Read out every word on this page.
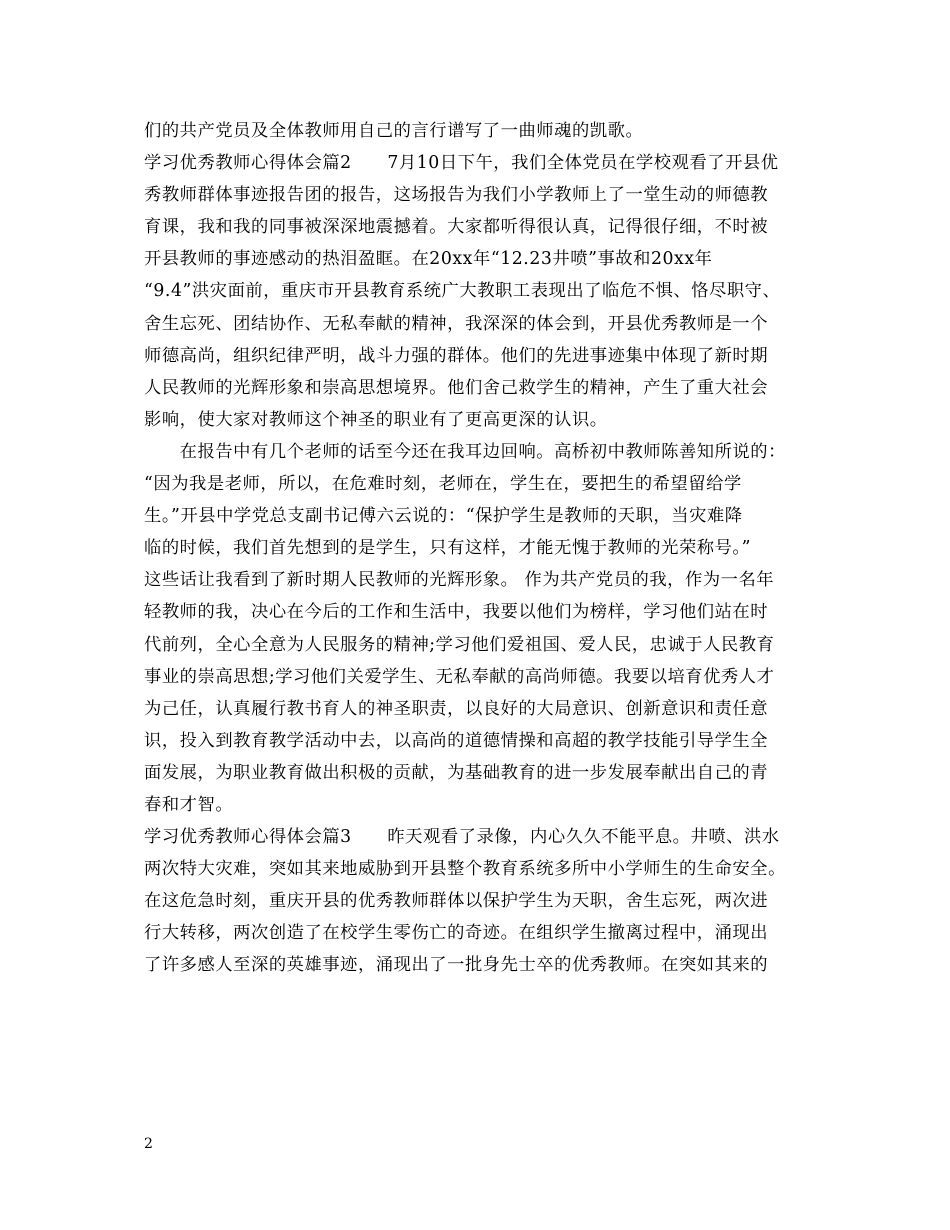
们的共产党员及全体教师用自己的言行谱写了一曲师魂的凯歌。
学习优秀教师心得体会篇2　　7月10日下午，我们全体党员在学校观看了开县优
秀教师群体事迹报告团的报告，这场报告为我们小学教师上了一堂生动的师德教
育课，我和我的同事被深深地震撼着。大家都听得很认真，记得很仔细，不时被
开县教师的事迹感动的热泪盈眶。在20xx年“12.23井喷”事故和20xx年
“9.4”洪灾面前，重庆市开县教育系统广大教职工表现出了临危不惧、恪尽职守、
舍生忘死、团结协作、无私奉献的精神，我深深的体会到，开县优秀教师是一个
师德高尚，组织纪律严明，战斗力强的群体。他们的先进事迹集中体现了新时期
人民教师的光辉形象和崇高思想境界。他们舍己救学生的精神，产生了重大社会
影响，使大家对教师这个神圣的职业有了更高更深的认识。
　　在报告中有几个老师的话至今还在我耳边回响。高桥初中教师陈善知所说的：
“因为我是老师，所以，在危难时刻，老师在，学生在，要把生的希望留给学
生。”开县中学党总支副书记傅六云说的：“保护学生是教师的天职，当灾难降
临的时候，我们首先想到的是学生，只有这样，才能无愧于教师的光荣称号。”
这些话让我看到了新时期人民教师的光辉形象。 作为共产党员的我，作为一名年
轻教师的我，决心在今后的工作和生活中，我要以他们为榜样，学习他们站在时
代前列，全心全意为人民服务的精神;学习他们爱祖国、爱人民，忠诚于人民教育
事业的崇高思想;学习他们关爱学生、无私奉献的高尚师德。我要以培育优秀人才
为己任，认真履行教书育人的神圣职责，以良好的大局意识、创新意识和责任意
识，投入到教育教学活动中去，以高尚的道德情操和高超的教学技能引导学生全
面发展，为职业教育做出积极的贡献，为基础教育的进一步发展奉献出自己的青
春和才智。
学习优秀教师心得体会篇3　　昨天观看了录像，内心久久不能平息。井喷、洪水
两次特大灾难，突如其来地威胁到开县整个教育系统多所中小学师生的生命安全。
在这危急时刻，重庆开县的优秀教师群体以保护学生为天职，舍生忘死，两次进
行大转移，两次创造了在校学生零伤亡的奇迹。在组织学生撤离过程中，涌现出
了许多感人至深的英雄事迹，涌现出了一批身先士卒的优秀教师。在突如其来的
2
